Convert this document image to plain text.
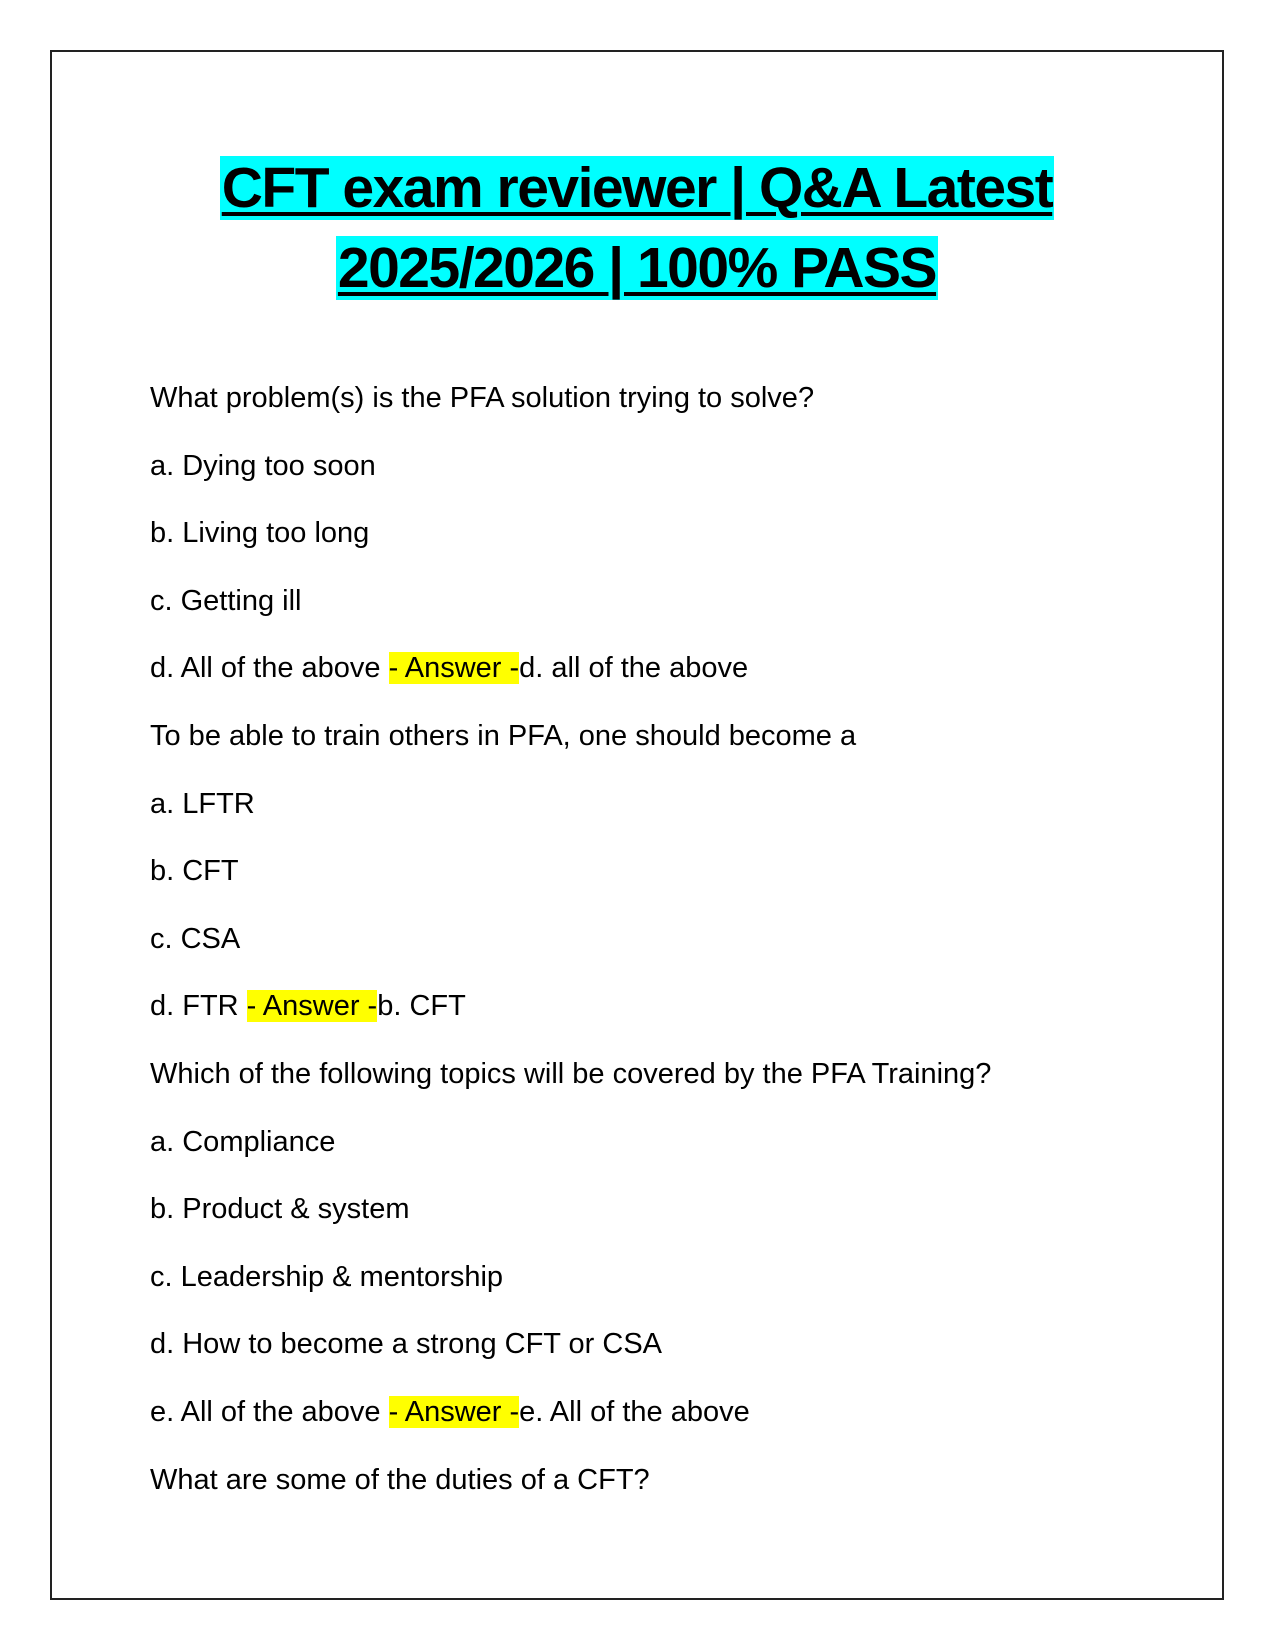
CFT exam reviewer | Q&A Latest
2025/2026 | 100% PASS
What problem(s) is the PFA solution trying to solve?
a. Dying too soon
b. Living too long
c. Getting ill
d. All of the above - Answer -d. all of the above
To be able to train others in PFA, one should become a
a. LFTR
b. CFT
c. CSA
d. FTR - Answer -b. CFT
Which of the following topics will be covered by the PFA Training?
a. Compliance
b. Product & system
c. Leadership & mentorship
d. How to become a strong CFT or CSA
e. All of the above - Answer -e. All of the above
What are some of the duties of a CFT?
